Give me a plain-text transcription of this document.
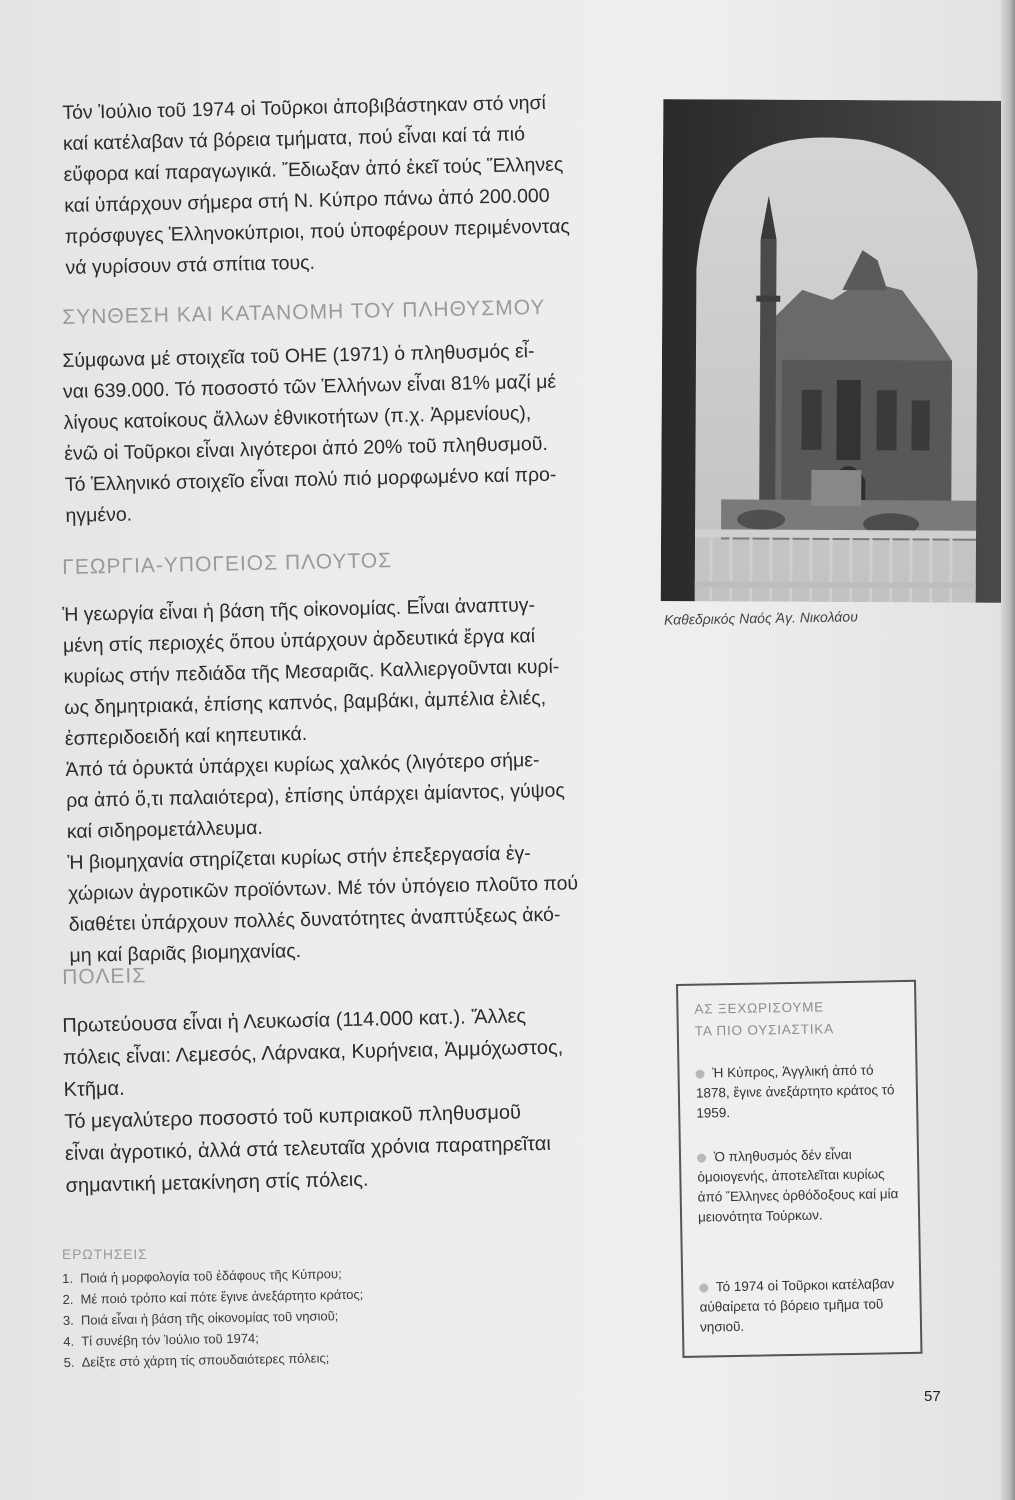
Τόν Ἰούλιο τοῦ 1974 οἱ Τοῦρκοι ἀποβιβάστηκαν στό νησί
καί κατέλαβαν τά βόρεια τμήματα, πού εἶναι καί τά πιό
εὔφορα καί παραγωγικά. Ἔδιωξαν ἀπό ἐκεῖ τούς Ἕλληνες
καί ὑπάρχουν σήμερα στή Ν. Κύπρο πάνω ἀπό 200.000
πρόσφυγες Ἑλληνοκύπριοι, πού ὑποφέρουν περιμένοντας
νά γυρίσουν στά σπίτια τους.

ΣΥΝΘΕΣΗ ΚΑΙ ΚΑΤΑΝΟΜΗ ΤΟΥ ΠΛΗΘΥΣΜΟΥ

Σύμφωνα μέ στοιχεῖα τοῦ ΟΗΕ (1971) ὁ πληθυσμός εἶ-
ναι 639.000. Τό ποσοστό τῶν Ἑλλήνων εἶναι 81% μαζί μέ
λίγους κατοίκους ἄλλων ἐθνικοτήτων (π.χ. Ἀρμενίους),
ἐνῶ οἱ Τοῦρκοι εἶναι λιγότεροι ἀπό 20% τοῦ πληθυσμοῦ.
Τό Ἑλληνικό στοιχεῖο εἶναι πολύ πιό μορφωμένο καί προ-
ηγμένο.

ΓΕΩΡΓΙΑ-ΥΠΟΓΕΙΟΣ ΠΛΟΥΤΟΣ

Ἡ γεωργία εἶναι ἡ βάση τῆς οἰκονομίας. Εἶναι ἀναπτυγ-
μένη στίς περιοχές ὅπου ὑπάρχουν ἀρδευτικά ἔργα καί
κυρίως στήν πεδιάδα τῆς Μεσαριᾶς. Καλλιεργοῦνται κυρί-
ως δημητριακά, ἐπίσης καπνός, βαμβάκι, ἀμπέλια ἐλιές,
ἐσπεριδοειδή καί κηπευτικά.
Ἀπό τά ὀρυκτά ὑπάρχει κυρίως χαλκός (λιγότερο σήμε-
ρα ἀπό ὅ,τι παλαιότερα), ἐπίσης ὑπάρχει ἀμίαντος, γύψος
καί σιδηρομετάλλευμα.
Ἡ βιομηχανία στηρίζεται κυρίως στήν ἐπεξεργασία ἐγ-
χώριων ἀγροτικῶν προϊόντων. Μέ τόν ὑπόγειο πλοῦτο πού
διαθέτει ὑπάρχουν πολλές δυνατότητες ἀναπτύξεως ἀκό-
μη καί βαριᾶς βιομηχανίας.

ΠΟΛΕΙΣ

Πρωτεύουσα εἶναι ἡ Λευκωσία (114.000 κατ.). Ἄλλες
πόλεις εἶναι: Λεμεσός, Λάρνακα, Κυρήνεια, Ἀμμόχωστος,
Κτῆμα.
Τό μεγαλύτερο ποσοστό τοῦ κυπριακοῦ πληθυσμοῦ
εἶναι ἀγροτικό, ἀλλά στά τελευταῖα χρόνια παρατηρεῖται
σημαντική μετακίνηση στίς πόλεις.

Καθεδρικός Ναός Ἁγ. Νικολάου
ΑΣ ΞΕΧΩΡΙΣΟΥΜΕ
ΤΑ ΠΙΟ ΟΥΣΙΑΣΤΙΚΑ
Ἡ Κύπρος, Ἀγγλική ἀπό τό 1878, ἔγινε ἀνεξάρτητο κράτος τό 1959.
Ὁ πληθυσμός δέν εἶναι ὁμοιογενής, ἀποτελεῖται κυρίως ἀπό Ἕλληνες ὀρθόδοξους καί μία μειονότητα Τούρκων.
Τό 1974 οἱ Τοῦρκοι κατέλαβαν αὐθαίρετα τό βόρειο τμῆμα τοῦ νησιοῦ.
ΕΡΩΤΗΣΕΙΣ
1. Ποιά ἡ μορφολογία τοῦ ἐδάφους τῆς Κύπρου;
2. Μέ ποιό τρόπο καί πότε ἔγινε ἀνεξάρτητο κράτος;
3. Ποιά εἶναι ἡ βάση τῆς οἰκονομίας τοῦ νησιοῦ;
4. Τί συνέβη τόν Ἰούλιο τοῦ 1974;
5. Δείξτε στό χάρτη τίς σπουδαιότερες πόλεις;
57
